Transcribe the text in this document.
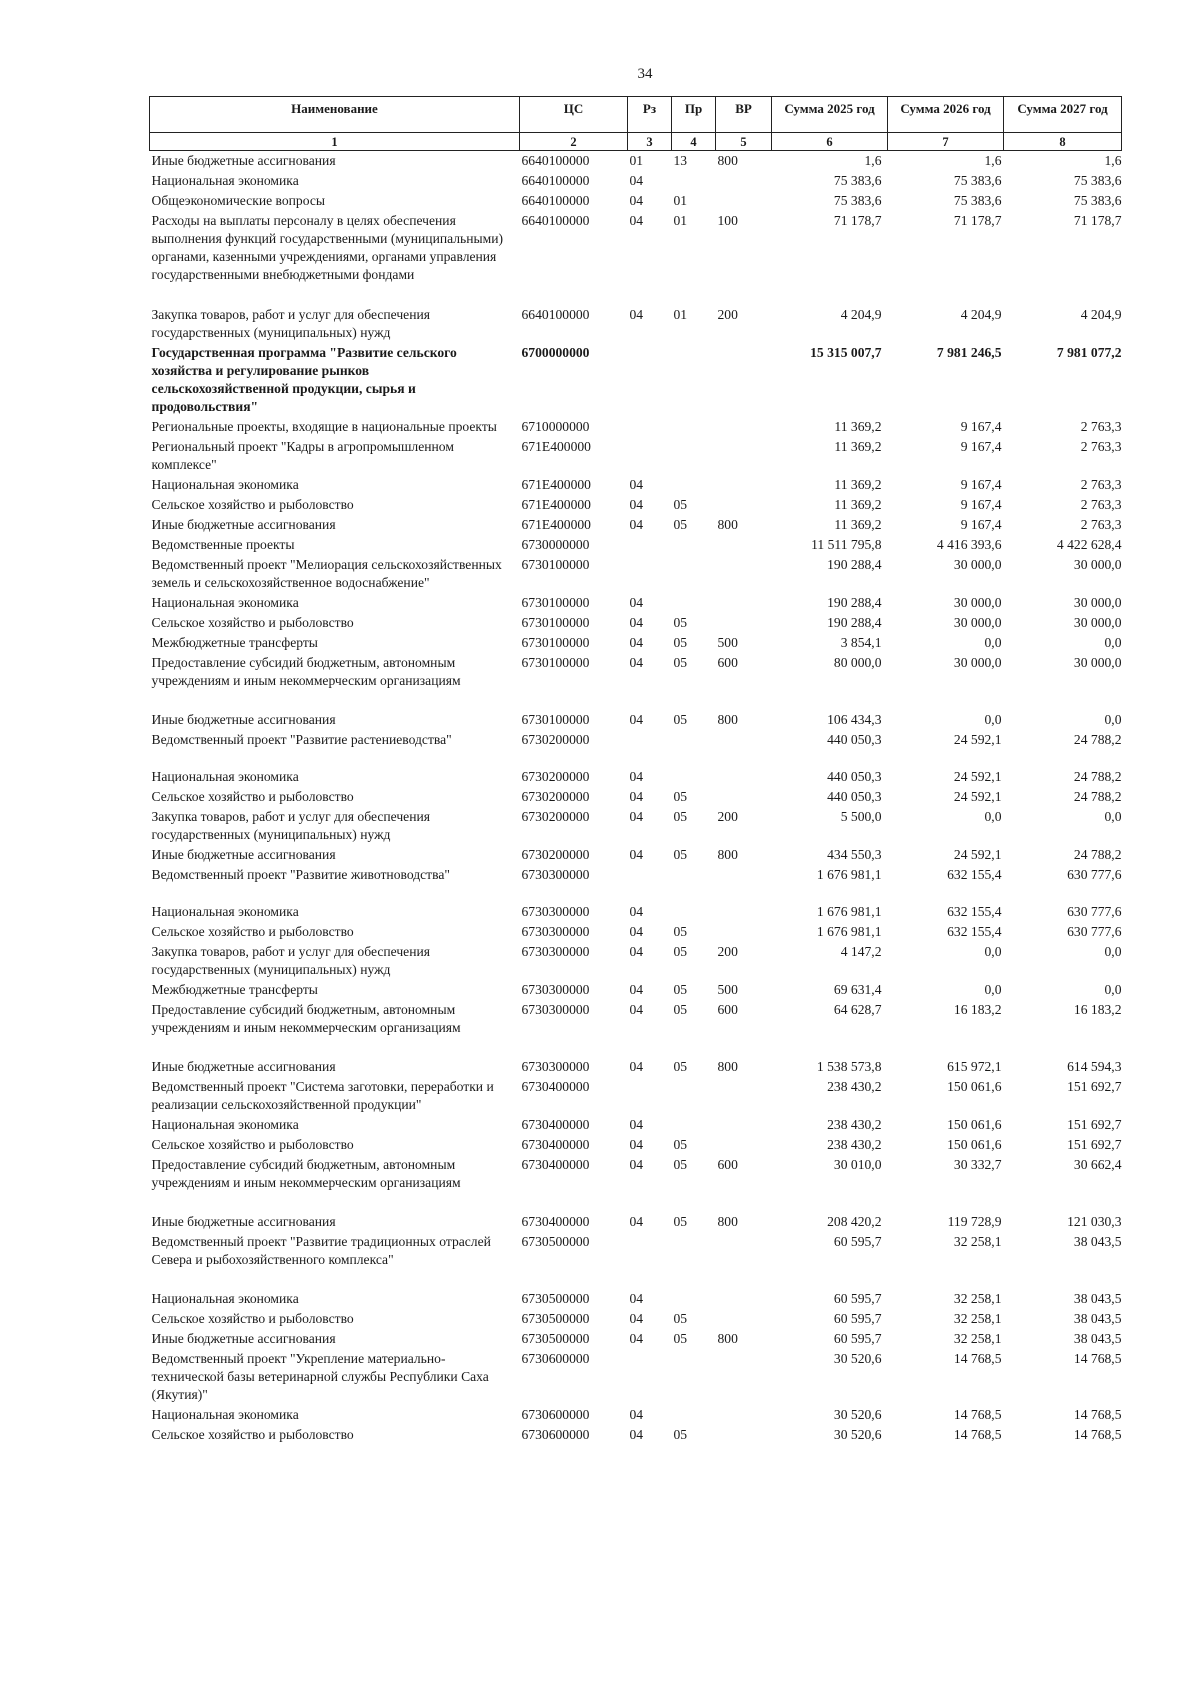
34
Наименование	ЦС	Рз	Пр	ВР	Сумма 2025 год	Сумма 2026 год	Сумма 2027 год
1	2	3	4	5	6	7	8
Иные бюджетные ассигнования	6640100000	01	13	800	1,6	1,6	1,6
Национальная экономика	6640100000	04			75 383,6	75 383,6	75 383,6
Общеэкономические вопросы	6640100000	04	01		75 383,6	75 383,6	75 383,6
Расходы на выплаты персоналу в целях обеспечения выполнения функций государственными (муниципальными) органами, казенными учреждениями, органами управления государственными внебюджетными фондами	6640100000	04	01	100	71 178,7	71 178,7	71 178,7
Закупка товаров, работ и услуг для обеспечения государственных (муниципальных) нужд	6640100000	04	01	200	4 204,9	4 204,9	4 204,9
Государственная программа "Развитие сельского хозяйства и регулирование рынков сельскохозяйственной продукции, сырья и продовольствия"	6700000000				15 315 007,7	7 981 246,5	7 981 077,2
Региональные проекты, входящие в национальные проекты	6710000000				11 369,2	9 167,4	2 763,3
Региональный проект "Кадры в агропромышленном комплексе"	671E400000				11 369,2	9 167,4	2 763,3
Национальная экономика	671E400000	04			11 369,2	9 167,4	2 763,3
Сельское хозяйство и рыболовство	671E400000	04	05		11 369,2	9 167,4	2 763,3
Иные бюджетные ассигнования	671E400000	04	05	800	11 369,2	9 167,4	2 763,3
Ведомственные проекты	6730000000				11 511 795,8	4 416 393,6	4 422 628,4
Ведомственный проект "Мелиорация сельскохозяйственных земель и сельскохозяйственное водоснабжение"	6730100000				190 288,4	30 000,0	30 000,0
Национальная экономика	6730100000	04			190 288,4	30 000,0	30 000,0
Сельское хозяйство и рыболовство	6730100000	04	05		190 288,4	30 000,0	30 000,0
Межбюджетные трансферты	6730100000	04	05	500	3 854,1	0,0	0,0
Предоставление субсидий бюджетным, автономным учреждениям и иным некоммерческим организациям	6730100000	04	05	600	80 000,0	30 000,0	30 000,0
Иные бюджетные ассигнования	6730100000	04	05	800	106 434,3	0,0	0,0
Ведомственный проект "Развитие растениеводства"	6730200000				440 050,3	24 592,1	24 788,2
Национальная экономика	6730200000	04			440 050,3	24 592,1	24 788,2
Сельское хозяйство и рыболовство	6730200000	04	05		440 050,3	24 592,1	24 788,2
Закупка товаров, работ и услуг для обеспечения государственных (муниципальных) нужд	6730200000	04	05	200	5 500,0	0,0	0,0
Иные бюджетные ассигнования	6730200000	04	05	800	434 550,3	24 592,1	24 788,2
Ведомственный проект "Развитие животноводства"	6730300000				1 676 981,1	632 155,4	630 777,6
Национальная экономика	6730300000	04			1 676 981,1	632 155,4	630 777,6
Сельское хозяйство и рыболовство	6730300000	04	05		1 676 981,1	632 155,4	630 777,6
Закупка товаров, работ и услуг для обеспечения государственных (муниципальных) нужд	6730300000	04	05	200	4 147,2	0,0	0,0
Межбюджетные трансферты	6730300000	04	05	500	69 631,4	0,0	0,0
Предоставление субсидий бюджетным, автономным учреждениям и иным некоммерческим организациям	6730300000	04	05	600	64 628,7	16 183,2	16 183,2
Иные бюджетные ассигнования	6730300000	04	05	800	1 538 573,8	615 972,1	614 594,3
Ведомственный проект "Система заготовки, переработки и реализации сельскохозяйственной продукции"	6730400000				238 430,2	150 061,6	151 692,7
Национальная экономика	6730400000	04			238 430,2	150 061,6	151 692,7
Сельское хозяйство и рыболовство	6730400000	04	05		238 430,2	150 061,6	151 692,7
Предоставление субсидий бюджетным, автономным учреждениям и иным некоммерческим организациям	6730400000	04	05	600	30 010,0	30 332,7	30 662,4
Иные бюджетные ассигнования	6730400000	04	05	800	208 420,2	119 728,9	121 030,3
Ведомственный проект "Развитие традиционных отраслей Севера и рыбохозяйственного комплекса"	6730500000				60 595,7	32 258,1	38 043,5
Национальная экономика	6730500000	04			60 595,7	32 258,1	38 043,5
Сельское хозяйство и рыболовство	6730500000	04	05		60 595,7	32 258,1	38 043,5
Иные бюджетные ассигнования	6730500000	04	05	800	60 595,7	32 258,1	38 043,5
Ведомственный проект "Укрепление материально-технической базы ветеринарной службы Республики Саха (Якутия)"	6730600000				30 520,6	14 768,5	14 768,5
Национальная экономика	6730600000	04			30 520,6	14 768,5	14 768,5
Сельское хозяйство и рыболовство	6730600000	04	05		30 520,6	14 768,5	14 768,5
